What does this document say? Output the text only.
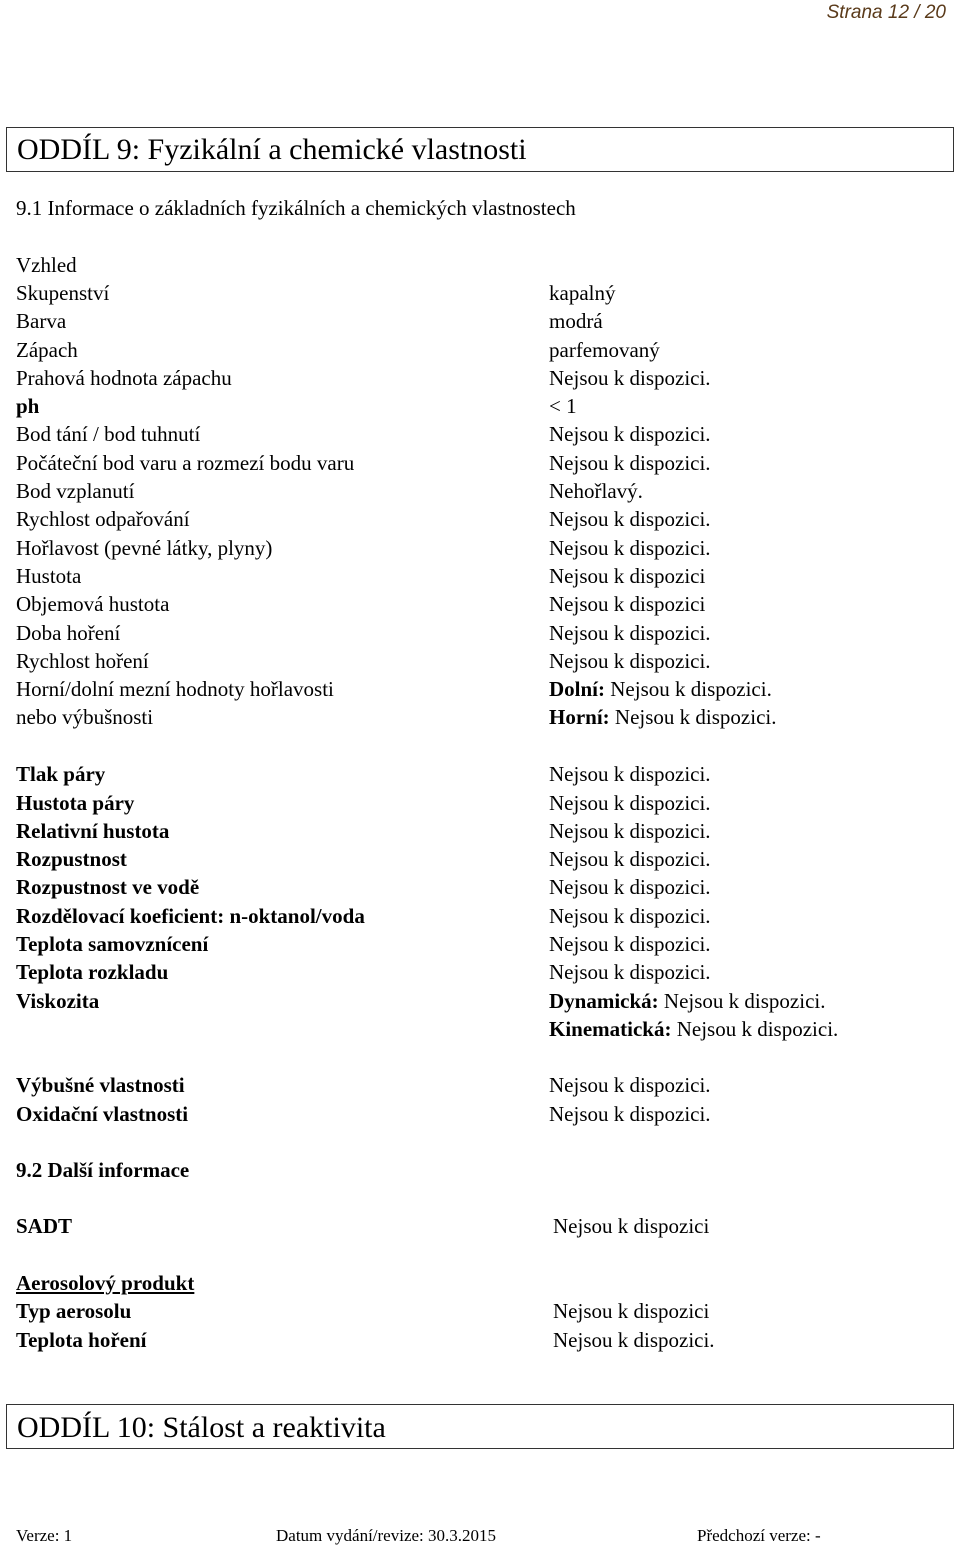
Strana 12 / 20
ODDÍL 9: Fyzikální a chemické vlastnosti
9.1 Informace o základních fyzikálních a chemických vlastnostech
Vzhled
Skupenství	kapalný
Barva	modrá
Zápach	parfemovaný
Prahová hodnota zápachu	Nejsou k dispozici.
ph	< 1
Bod tání / bod tuhnutí	Nejsou k dispozici.
Počáteční bod varu a rozmezí bodu varu	Nejsou k dispozici.
Bod vzplanutí	Nehořlavý.
Rychlost odpařování	Nejsou k dispozici.
Hořlavost (pevné látky, plyny)	Nejsou k dispozici.
Hustota	Nejsou k dispozici
Objemová hustota	Nejsou k dispozici
Doba hoření	Nejsou k dispozici.
Rychlost hoření	Nejsou k dispozici.
Horní/dolní mezní hodnoty hořlavosti	Dolní: Nejsou k dispozici.
nebo výbušnosti	Horní: Nejsou k dispozici.
Tlak páry	Nejsou k dispozici.
Hustota páry	Nejsou k dispozici.
Relativní hustota	Nejsou k dispozici.
Rozpustnost	Nejsou k dispozici.
Rozpustnost ve vodě	Nejsou k dispozici.
Rozdělovací koeficient: n-oktanol/voda	Nejsou k dispozici.
Teplota samovznícení	Nejsou k dispozici.
Teplota rozkladu	Nejsou k dispozici.
Viskozita	Dynamická: Nejsou k dispozici.
Kinematická: Nejsou k dispozici.
Výbušné vlastnosti	Nejsou k dispozici.
Oxidační vlastnosti	Nejsou k dispozici.
9.2 Další informace
SADT	Nejsou k dispozici
Aerosolový produkt
Typ aerosolu	Nejsou k dispozici
Teplota hoření	Nejsou k dispozici.
ODDÍL 10: Stálost a reaktivita
Verze: 1	Datum vydání/revize: 30.3.2015	Předchozí verze: -
